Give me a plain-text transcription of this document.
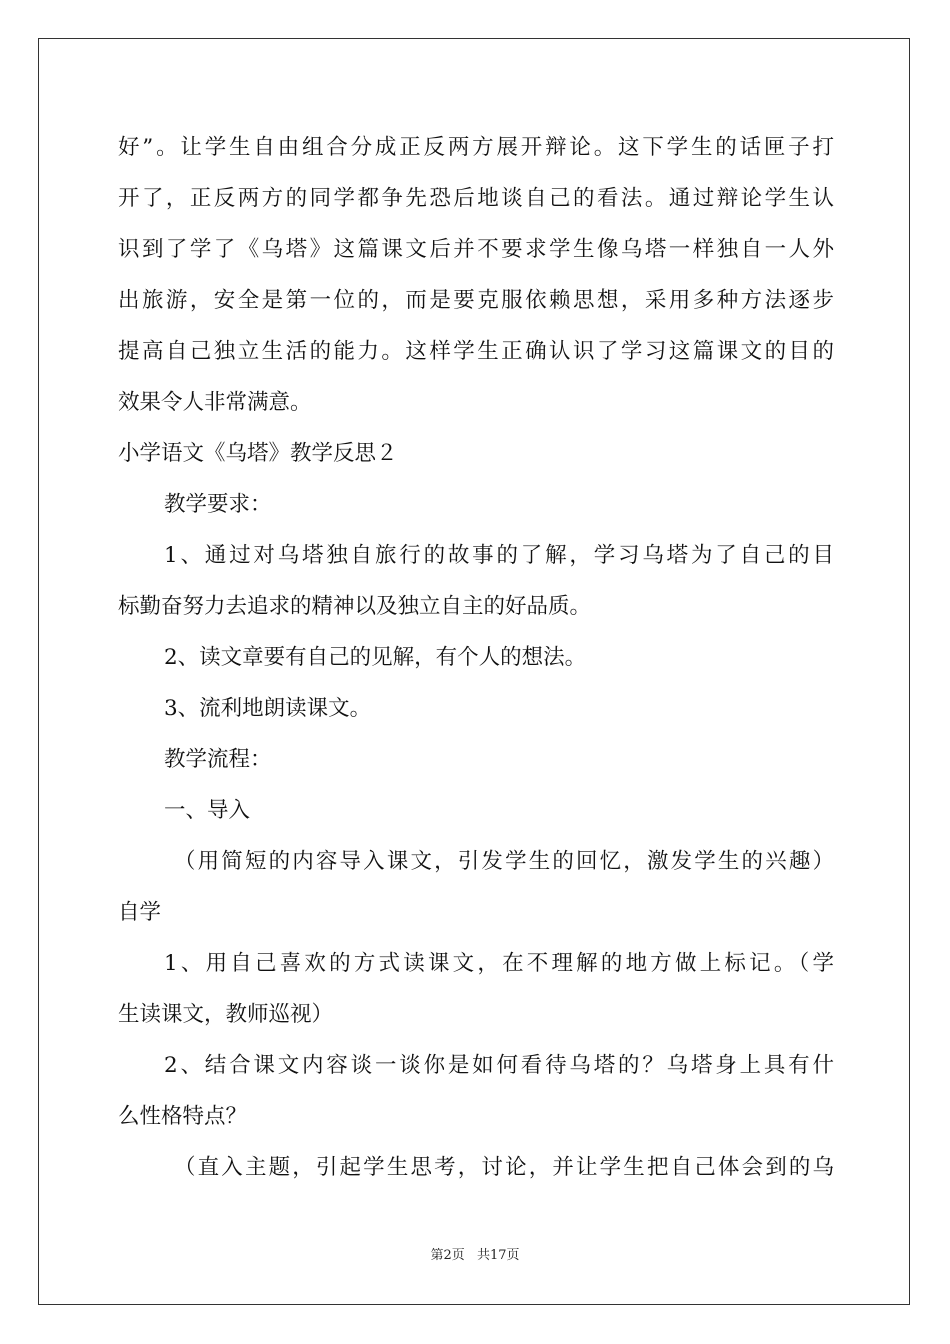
好”。让学生自由组合分成正反两方展开辩论。这下学生的话匣子打
开了，正反两方的同学都争先恐后地谈自己的看法。通过辩论学生认
识到了学了《乌塔》这篇课文后并不要求学生像乌塔一样独自一人外
出旅游，安全是第一位的，而是要克服依赖思想，采用多种方法逐步
提高自己独立生活的能力。这样学生正确认识了学习这篇课文的目的
效果令人非常满意。
小学语文《乌塔》教学反思２
教学要求：
1、通过对乌塔独自旅行的故事的了解，学习乌塔为了自己的目
标勤奋努力去追求的精神以及独立自主的好品质。
2、读文章要有自己的见解，有个人的想法。
3、流利地朗读课文。
教学流程：
一、导入
（用简短的内容导入课文，引发学生的回忆，激发学生的兴趣）
自学
1、用自己喜欢的方式读课文，在不理解的地方做上标记。（学
生读课文，教师巡视）
2、结合课文内容谈一谈你是如何看待乌塔的？乌塔身上具有什
么性格特点？
（直入主题，引起学生思考，讨论，并让学生把自己体会到的乌
第2页 共17页
